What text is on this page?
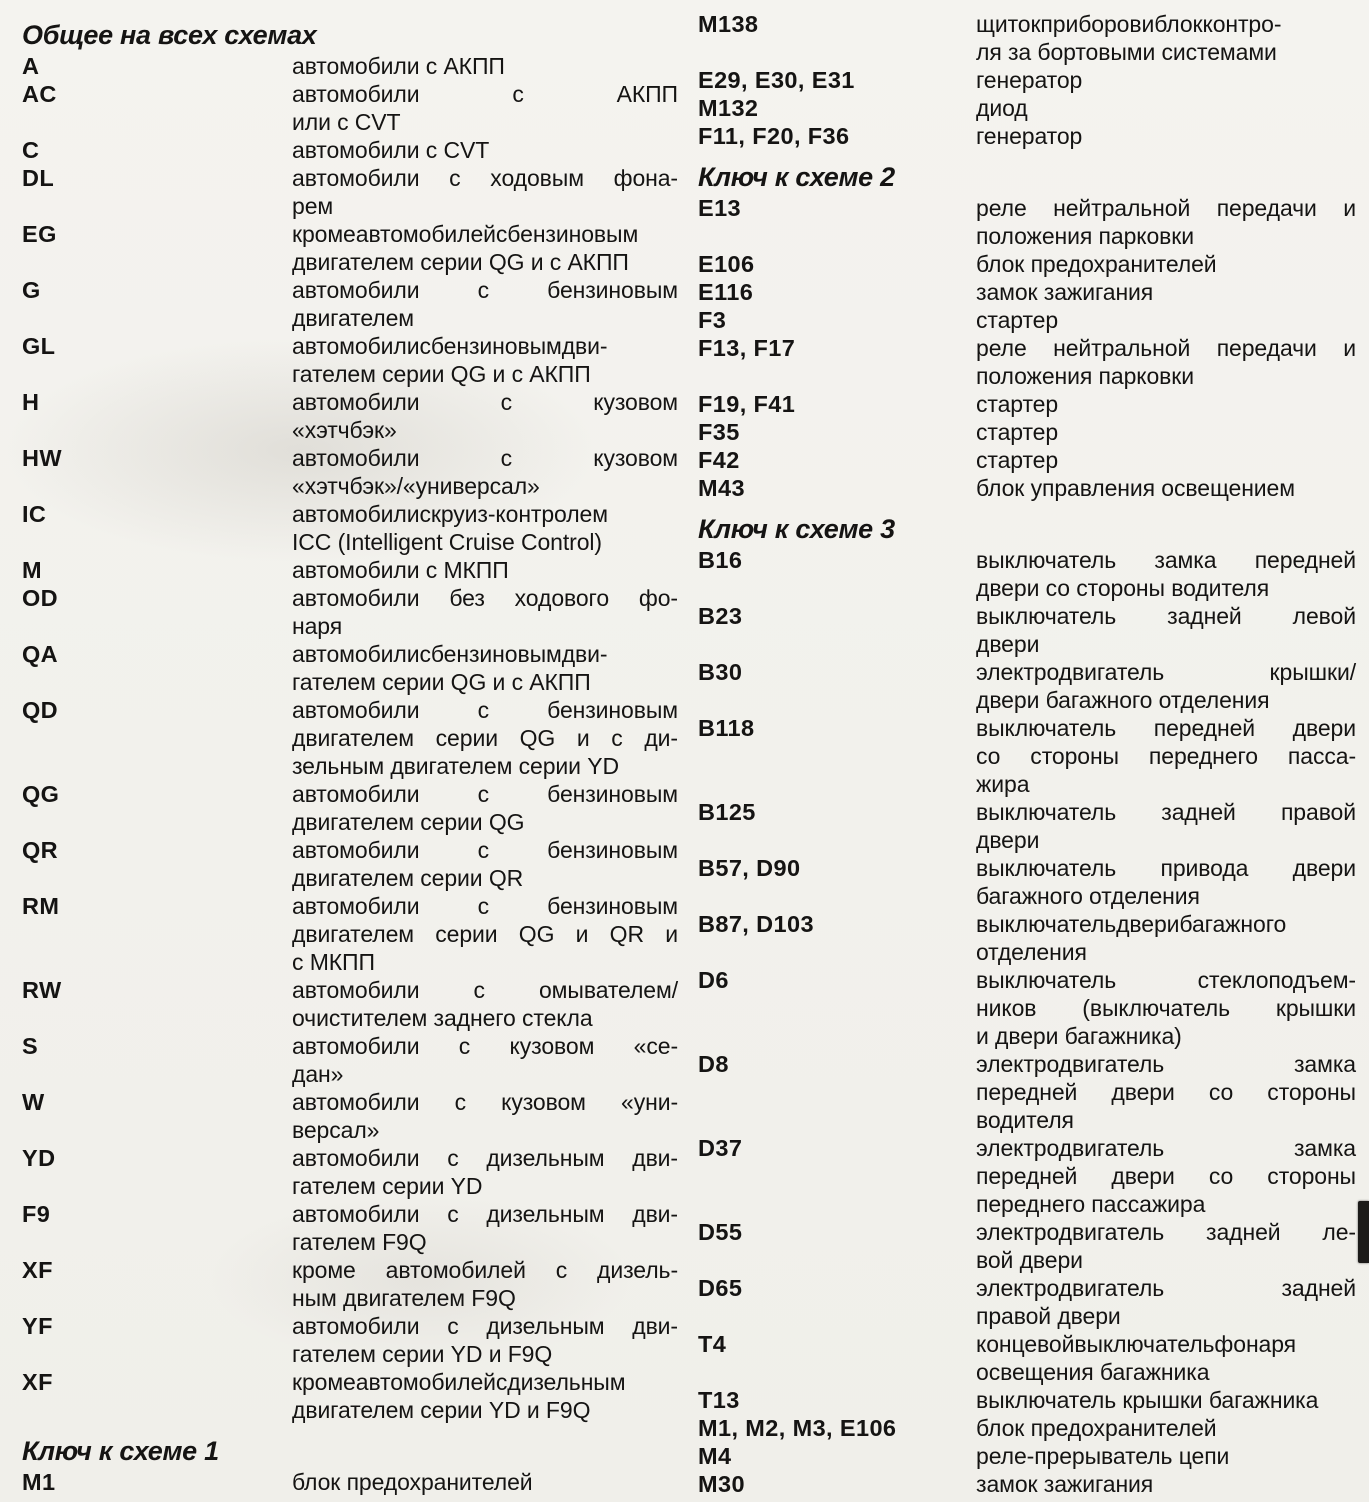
Общее на всех схемах
A	автомобили с АКПП
AC	автомобили с АКПП
или с CVT
C	автомобили с CVT
DL	автомобили с ходовым фона-
рем
EG	кромеавтомобилейсбензиновым
двигателем серии QG и с АКПП
G	автомобили с бензиновым
двигателем
GL	автомобилисбензиновымдви-
гателем серии QG и с АКПП
H	автомобили с кузовом
«хэтчбэк»
HW	автомобили с кузовом
«хэтчбэк»/«универсал»
IC	автомобилискруиз-контролем
ICC (Intelligent Cruise Control)
M	автомобили с МКПП
OD	автомобили без ходового фо-
наря
QA	автомобилисбензиновымдви-
гателем серии QG и с АКПП
QD	автомобили с бензиновым
двигателем серии QG и с ди-
зельным двигателем серии YD
QG	автомобили с бензиновым
двигателем серии QG
QR	автомобили с бензиновым
двигателем серии QR
RM	автомобили с бензиновым
двигателем серии QG и QR и
с МКПП
RW	автомобили с омывателем/
очистителем заднего стекла
S	автомобили с кузовом «се-
дан»
W	автомобили с кузовом «уни-
версал»
YD	автомобили с дизельным дви-
гателем серии YD
F9	автомобили с дизельным дви-
гателем F9Q
XF	кроме автомобилей с дизель-
ным двигателем F9Q
YF	автомобили с дизельным дви-
гателем серии YD и F9Q
XF	кромеавтомобилейсдизельным
двигателем серии YD и F9Q
Ключ к схеме 1
M1	блок предохранителей
M138	щитокприборовиблокконтро-
ля за бортовыми системами
E29, E30, E31	генератор
M132	диод
F11, F20, F36	генератор
Ключ к схеме 2
E13	реле нейтральной передачи и
положения парковки
E106	блок предохранителей
E116	замок зажигания
F3	стартер
F13, F17	реле нейтральной передачи и
положения парковки
F19, F41	стартер
F35	стартер
F42	стартер
M43	блок управления освещением
Ключ к схеме 3
B16	выключатель замка передней
двери со стороны водителя
B23	выключатель задней левой
двери
B30	электродвигатель крышки/
двери багажного отделения
B118	выключатель передней двери
со стороны переднего пасса-
жира
B125	выключатель задней правой
двери
B57, D90	выключатель привода двери
багажного отделения
B87, D103	выключательдверибагажного
отделения
D6	выключатель стеклоподъем-
ников (выключатель крышки
и двери багажника)
D8	электродвигатель замка
передней двери со стороны
водителя
D37	электродвигатель замка
передней двери со стороны
переднего пассажира
D55	электродвигатель задней ле-
вой двери
D65	электродвигатель задней
правой двери
T4	концевойвыключательфонаря
освещения багажника
T13	выключатель крышки багажника
M1, M2, M3, E106	блок предохранителей
M4	реле-прерыватель цепи
M30	замок зажигания
